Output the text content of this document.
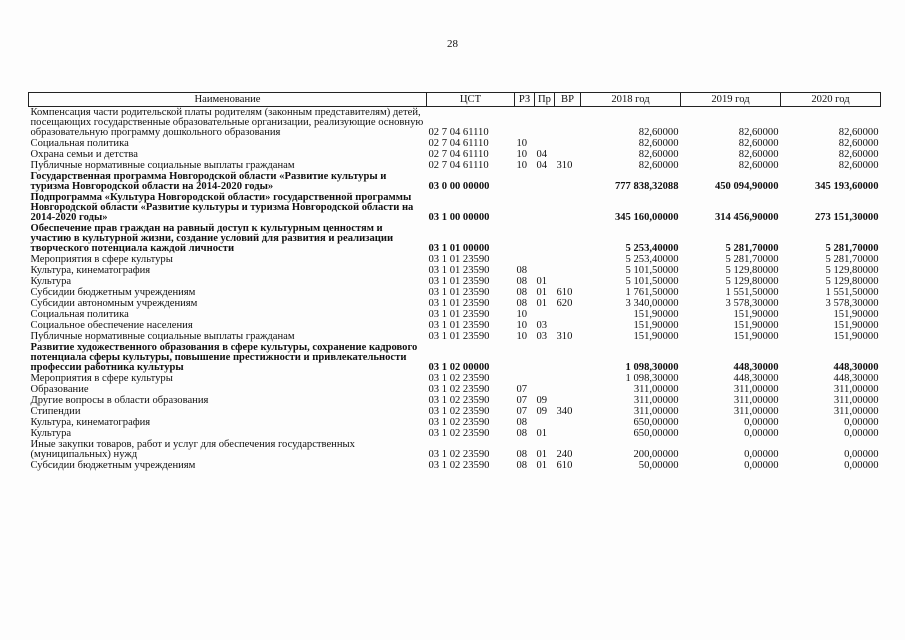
28
Наименование	ЦСТ	РЗ	Пр	ВР	2018 год	2019 год	2020 год
Компенсация части родительской платы родителям (законным представителям) детей, посещающих государственные образовательные организации, реализующие основную образовательную программу дошкольного образования	02 7 04 61110				82,60000	82,60000	82,60000
Социальная политика	02 7 04 61110	10			82,60000	82,60000	82,60000
Охрана семьи и детства	02 7 04 61110	10	04		82,60000	82,60000	82,60000
Публичные нормативные социальные выплаты гражданам	02 7 04 61110	10	04	310	82,60000	82,60000	82,60000
Государственная программа Новгородской области «Развитие культуры и туризма Новгородской области на 2014-2020 годы»	03 0 00 00000				777 838,32088	450 094,90000	345 193,60000
Подпрограмма «Культура Новгородской области» государственной программы Новгородской области «Развитие культуры и туризма Новгородской области на 2014-2020 годы»	03 1 00 00000				345 160,00000	314 456,90000	273 151,30000
Обеспечение прав граждан на равный доступ к культурным ценностям и участию в культурной жизни, создание условий для развития и реализации творческого потенциала каждой личности	03 1 01 00000				5 253,40000	5 281,70000	5 281,70000
Мероприятия в сфере культуры	03 1 01 23590				5 253,40000	5 281,70000	5 281,70000
Культура, кинематография	03 1 01 23590	08			5 101,50000	5 129,80000	5 129,80000
Культура	03 1 01 23590	08	01		5 101,50000	5 129,80000	5 129,80000
Субсидии бюджетным учреждениям	03 1 01 23590	08	01	610	1 761,50000	1 551,50000	1 551,50000
Субсидии автономным учреждениям	03 1 01 23590	08	01	620	3 340,00000	3 578,30000	3 578,30000
Социальная политика	03 1 01 23590	10			151,90000	151,90000	151,90000
Социальное обеспечение населения	03 1 01 23590	10	03		151,90000	151,90000	151,90000
Публичные нормативные социальные выплаты гражданам	03 1 01 23590	10	03	310	151,90000	151,90000	151,90000
Развитие художественного образования в сфере культуры, сохранение кадрового потенциала сферы культуры, повышение престижности и привлекательности профессии работника культуры	03 1 02 00000				1 098,30000	448,30000	448,30000
Мероприятия в сфере культуры	03 1 02 23590				1 098,30000	448,30000	448,30000
Образование	03 1 02 23590	07			311,00000	311,00000	311,00000
Другие вопросы в области образования	03 1 02 23590	07	09		311,00000	311,00000	311,00000
Стипендии	03 1 02 23590	07	09	340	311,00000	311,00000	311,00000
Культура, кинематография	03 1 02 23590	08			650,00000	0,00000	0,00000
Культура	03 1 02 23590	08	01		650,00000	0,00000	0,00000
Иные закупки товаров, работ и услуг для обеспечения государственных (муниципальных) нужд	03 1 02 23590	08	01	240	200,00000	0,00000	0,00000
Субсидии бюджетным учреждениям	03 1 02 23590	08	01	610	50,00000	0,00000	0,00000
